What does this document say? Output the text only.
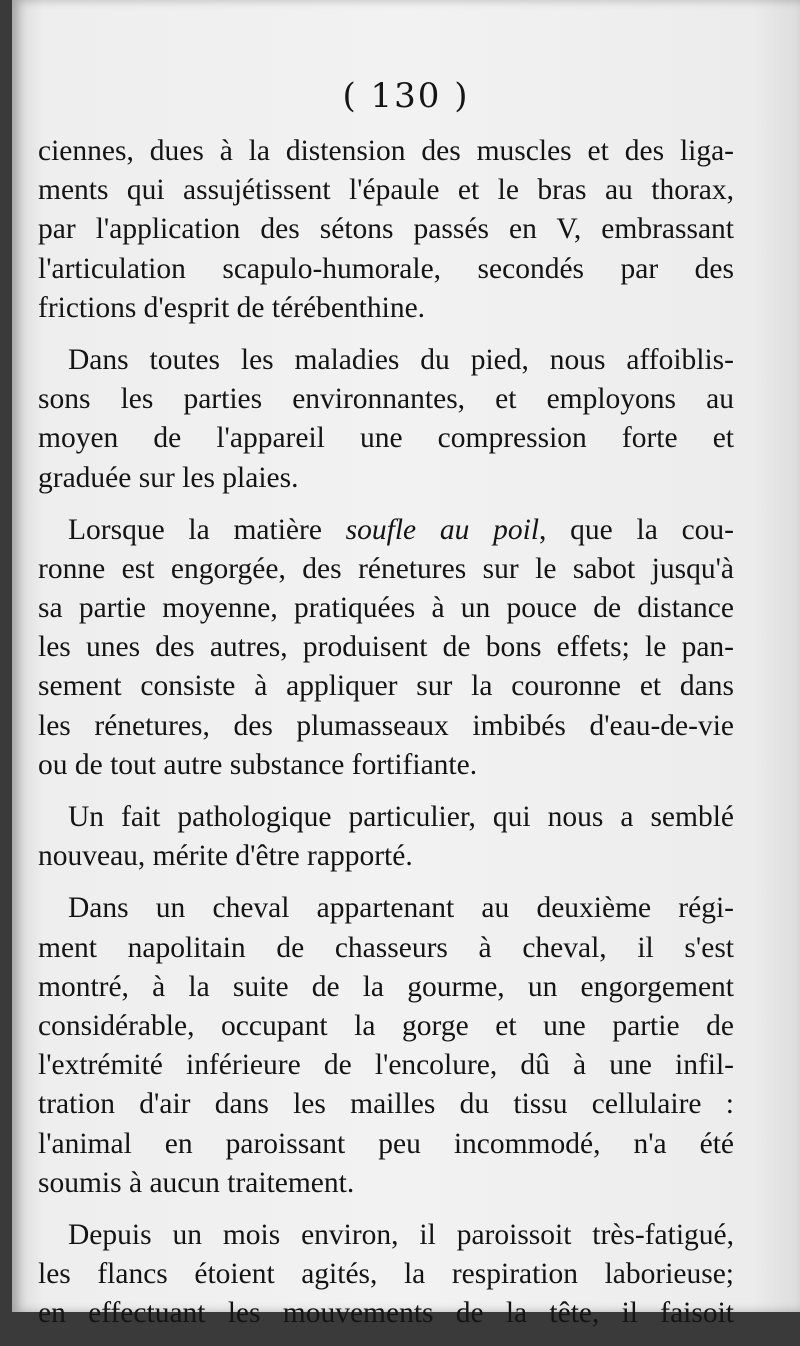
( 130 )
ciennes, dues à la distension des muscles et des liga-
ments qui assujétissent l'épaule et le bras au thorax,
par l'application des sétons passés en V, embrassant
l'articulation scapulo-humorale, secondés par des
frictions d'esprit de térébenthine.
Dans toutes les maladies du pied, nous affoiblis-
sons les parties environnantes, et employons au
moyen de l'appareil une compression forte et
graduée sur les plaies.
Lorsque la matière soufle au poil, que la cou-
ronne est engorgée, des rénetures sur le sabot jusqu'à
sa partie moyenne, pratiquées à un pouce de distance
les unes des autres, produisent de bons effets; le pan-
sement consiste à appliquer sur la couronne et dans
les rénetures, des plumasseaux imbibés d'eau-de-vie
ou de tout autre substance fortifiante.
Un fait pathologique particulier, qui nous a semblé
nouveau, mérite d'être rapporté.
Dans un cheval appartenant au deuxième régi-
ment napolitain de chasseurs à cheval, il s'est
montré, à la suite de la gourme, un engorgement
considérable, occupant la gorge et une partie de
l'extrémité inférieure de l'encolure, dû à une infil-
tration d'air dans les mailles du tissu cellulaire :
l'animal en paroissant peu incommodé, n'a été
soumis à aucun traitement.
Depuis un mois environ, il paroissoit très-fatigué,
les flancs étoient agités, la respiration laborieuse;
en effectuant les mouvements de la tête, il faisoit
